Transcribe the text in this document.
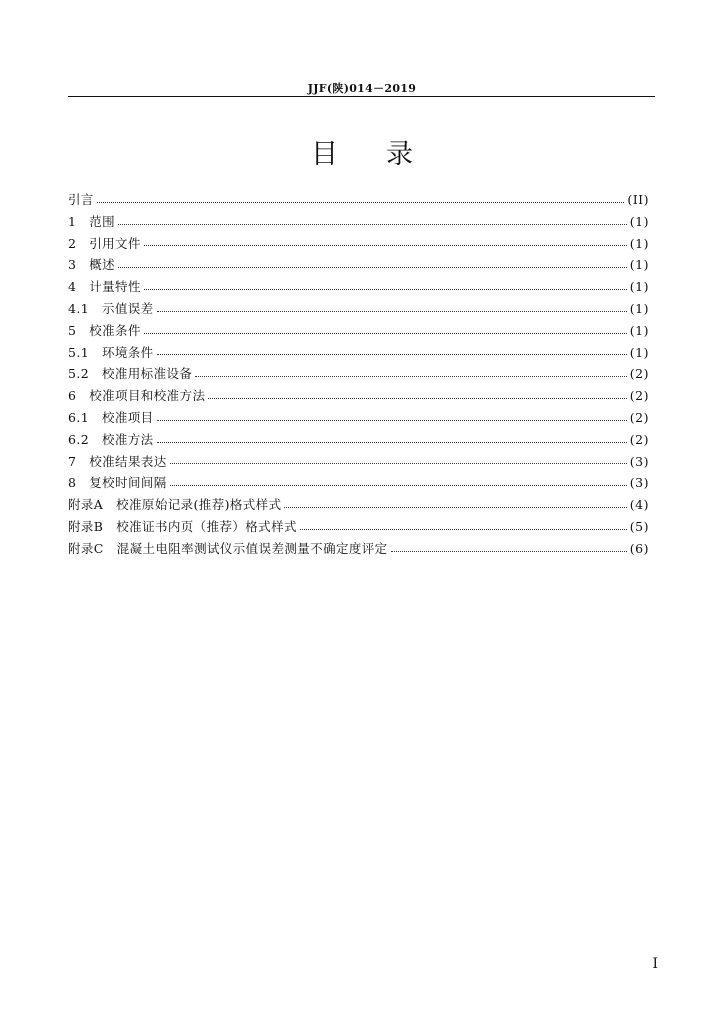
JJF(陕)014－2019
目录
引言	(II)
1　范围	(1)
2　引用文件	(1)
3　概述	(1)
4　计量特性	(1)
4.1　示值误差	(1)
5　校准条件	(1)
5.1　环境条件	(1)
5.2　校准用标准设备	(2)
6　校准项目和校准方法	(2)
6.1　校准项目	(2)
6.2　校准方法	(2)
7　校准结果表达	(3)
8　复校时间间隔	(3)
附录A　校准原始记录(推荐)格式样式	(4)
附录B　校准证书内页（推荐）格式样式	(5)
附录C　混凝土电阻率测试仪示值误差测量不确定度评定	(6)
I
